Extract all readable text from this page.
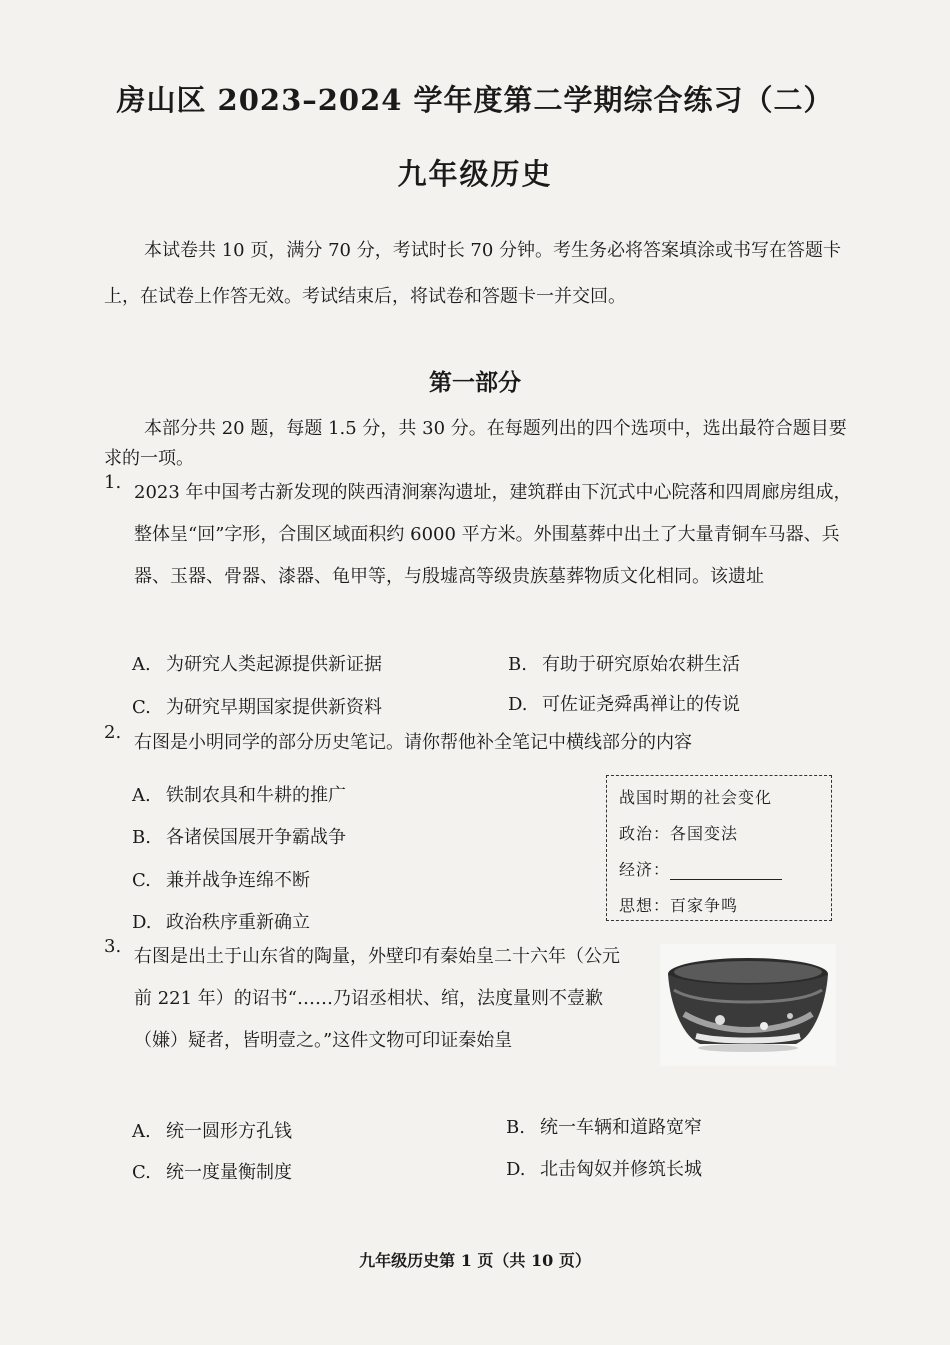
房山区 2023–2024 学年度第二学期综合练习（二）
九年级历史
本试卷共 10 页，满分 70 分，考试时长 70 分钟。考生务必将答案填涂或书写在答题卡上，在试卷上作答无效。考试结束后，将试卷和答题卡一并交回。
第一部分
本部分共 20 题，每题 1.5 分，共 30 分。在每题列出的四个选项中，选出最符合题目要求的一项。
1. 2023 年中国考古新发现的陕西清涧寨沟遗址，建筑群由下沉式中心院落和四周廊房组成，整体呈“回”字形，合围区域面积约 6000 平方米。外围墓葬中出土了大量青铜车马器、兵器、玉器、骨器、漆器、龟甲等，与殷墟高等级贵族墓葬物质文化相同。该遗址
A. 为研究人类起源提供新证据	B. 有助于研究原始农耕生活
C. 为研究早期国家提供新资料	D. 可佐证尧舜禹禅让的传说
2. 右图是小明同学的部分历史笔记。请你帮他补全笔记中横线部分的内容
A. 铁制农具和牛耕的推广
B. 各诸侯国展开争霸战争
C. 兼并战争连绵不断
D. 政治秩序重新确立
战国时期的社会变化
政治：各国变法
经济：
思想：百家争鸣
3. 右图是出土于山东省的陶量，外壁印有秦始皇二十六年（公元前 221 年）的诏书“……乃诏丞相状、绾，法度量则不壹歉（嫌）疑者，皆明壹之。”这件文物可印证秦始皇
A. 统一圆形方孔钱	B. 统一车辆和道路宽窄
C. 统一度量衡制度	D. 北击匈奴并修筑长城
九年级历史第 1 页（共 10 页）
